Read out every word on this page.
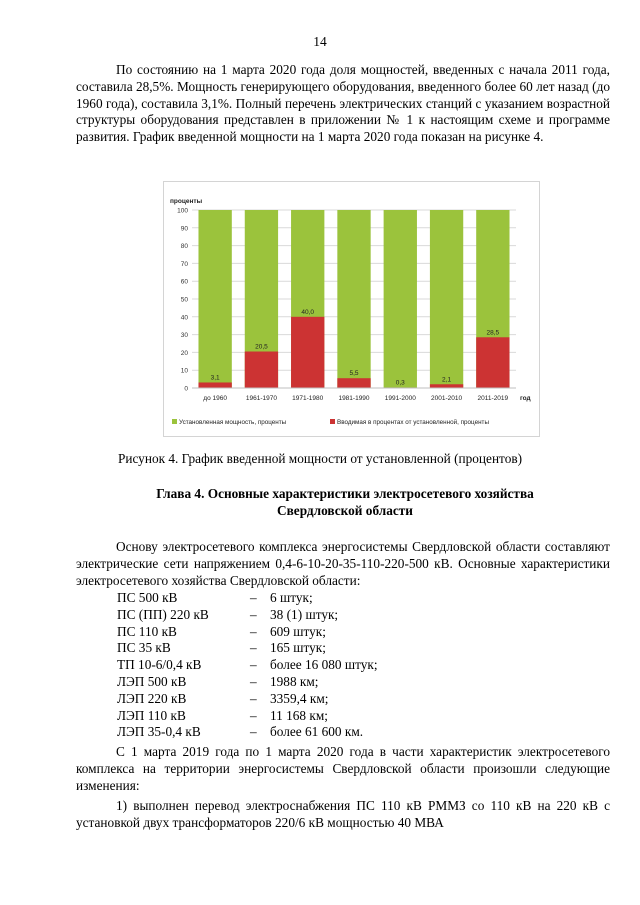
14

По состоянию на 1 марта 2020 года доля мощностей, введенных с начала 2011 года, составила 28,5%. Мощность генерирующего оборудования, введенного более 60 лет назад (до 1960 года), составила 3,1%. Полный перечень электрических станций с указанием возрастной структуры оборудования представлен в приложении № 1 к настоящим схеме и программе развития. График введенной мощности на 1 марта 2020 года показан на рисунке 4.

0
10
20
30
40
50
60
70
80
90
100
проценты
3,1
до 1960
20,5
1961-1970
40,0
1971-1980
5,5
1981-1990
0,3
1991-2000
2,1
2001-2010
28,5
2011-2019 год
Установленная мощность, проценты	Вводимая в процентах от установленной, проценты
Рисунок 4. График введенной мощности от установленной (процентов)
Глава 4. Основные характеристики электросетевого хозяйства
Свердловской области

Основу электросетевого комплекса энергосистемы Свердловской области составляют электрические сети напряжением 0,4-6-10-20-35-110-220-500 кВ. Основные характеристики электросетевого хозяйства Свердловской области:

ПС 500 кВ	– 6 штук;
ПС (ПП) 220 кВ	– 38 (1) штук;
ПС 110 кВ	– 609 штук;
ПС 35 кВ	– 165 штук;
ТП 10-6/0,4 кВ	– более 16 080 штук;
ЛЭП 500 кВ	– 1988 км;
ЛЭП 220 кВ	– 3359,4 км;
ЛЭП 110 кВ	– 11 168 км;
ЛЭП 35-0,4 кВ	– более 61 600 км.

С 1 марта 2019 года по 1 марта 2020 года в части характеристик электросетевого комплекса на территории энергосистемы Свердловской области произошли следующие изменения:

1) выполнен перевод электроснабжения ПС 110 кВ РММЗ со 110 кВ на 220 кВ с установкой двух трансформаторов 220/6 кВ мощностью 40 МВА
